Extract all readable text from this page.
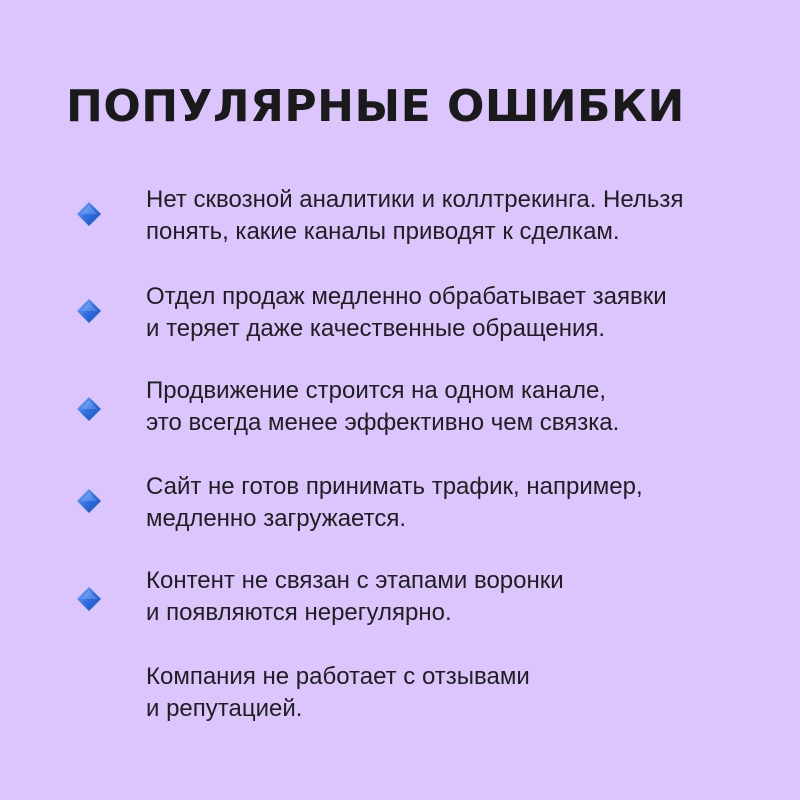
ПОПУЛЯРНЫЕ ОШИБКИ

Нет сквозной аналитики и коллтрекинга. Нельзя
понять, какие каналы приводят к сделкам.

Отдел продаж медленно обрабатывает заявки
и теряет даже качественные обращения.

Продвижение строится на одном канале,
это всегда менее эффективно чем связка.

Сайт не готов принимать трафик, например,
медленно загружается.

Контент не связан с этапами воронки
и появляются нерегулярно.

Компания не работает с отзывами
и репутацией.
